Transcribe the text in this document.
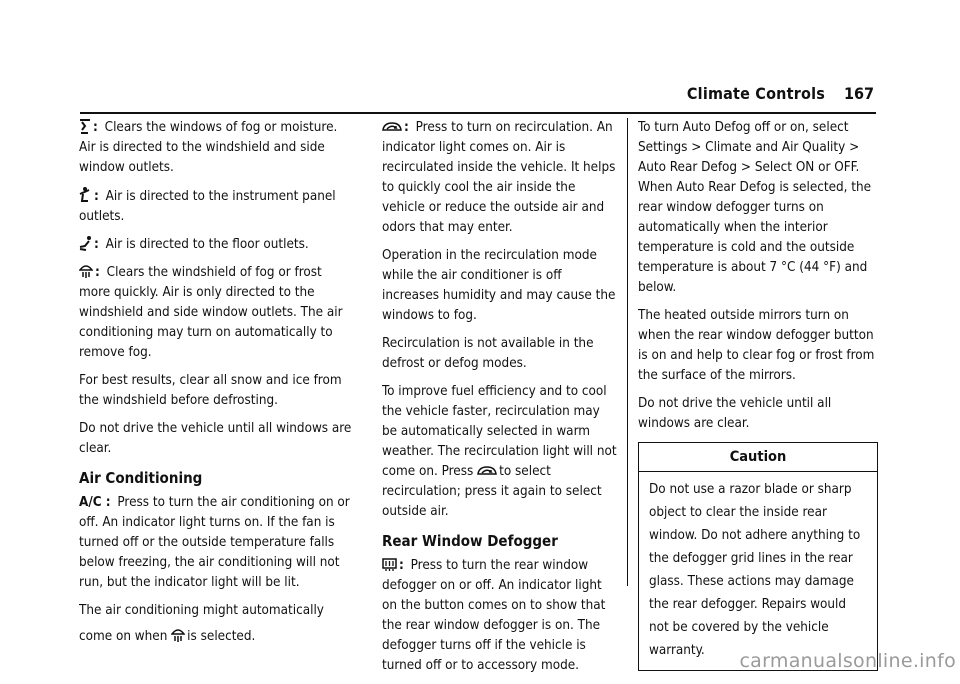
Climate Controls 167

: Clears the windows of fog or moisture. Air is directed to the windshield and side window outlets.

: Air is directed to the instrument panel outlets.

: Air is directed to the floor outlets.

: Clears the windshield of fog or frost more quickly. Air is only directed to the windshield and side window outlets. The air conditioning may turn on automatically to remove fog.

For best results, clear all snow and ice from the windshield before defrosting.

Do not drive the vehicle until all windows are clear.

Air Conditioning

A/C : Press to turn the air conditioning on or off. An indicator light turns on. If the fan is turned off or the outside temperature falls below freezing, the air conditioning will not run, but the indicator light will be lit.

The air conditioning might automatically

come on when is selected.

: Press to turn on recirculation. An indicator light comes on. Air is recirculated inside the vehicle. It helps to quickly cool the air inside the vehicle or reduce the outside air and odors that may enter.

Operation in the recirculation mode while the air conditioner is off increases humidity and may cause the windows to fog.

Recirculation is not available in the defrost or defog modes.

To improve fuel efficiency and to cool the vehicle faster, recirculation may be automatically selected in warm weather. The recirculation light will not come on. Press to select recirculation; press it again to select outside air.

Rear Window Defogger

: Press to turn the rear window defogger on or off. An indicator light on the button comes on to show that the rear window defogger is on. The defogger turns off if the vehicle is turned off or to accessory mode.

To turn Auto Defog off or on, select Settings > Climate and Air Quality > Auto Rear Defog > Select ON or OFF. When Auto Rear Defog is selected, the rear window defogger turns on automatically when the interior temperature is cold and the outside temperature is about 7 °C (44 °F) and below.

The heated outside mirrors turn on when the rear window defogger button is on and help to clear fog or frost from the surface of the mirrors.

Do not drive the vehicle until all windows are clear.

Caution
Do not use a razor blade or sharp object to clear the inside rear window. Do not adhere anything to the defogger grid lines in the rear glass. These actions may damage the rear defogger. Repairs would not be covered by the vehicle warranty.	carmanualsonline.info
